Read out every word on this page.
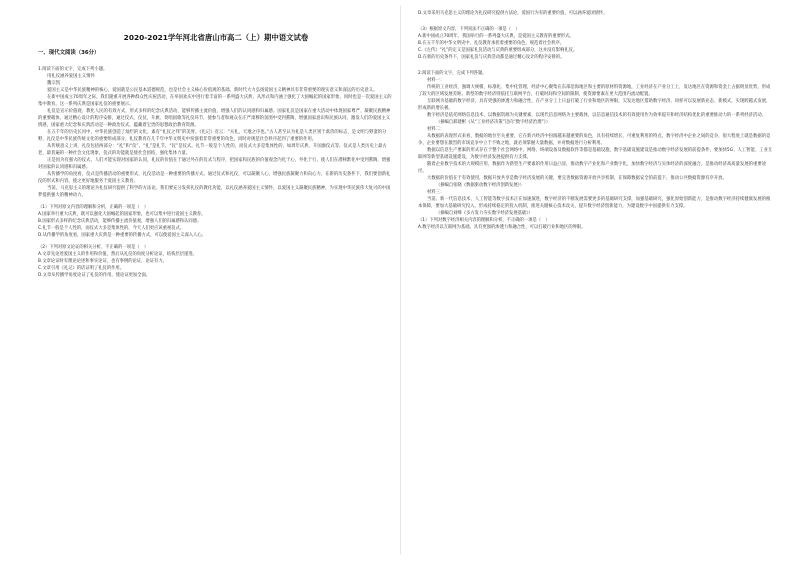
2020-2021学年河北省唐山市高二（上）期中语文试卷
一、现代文阅读（36分）

1.阅读下面的文字，完成下列小题。

用礼仪涵养爱国主义情怀

魏宗凯

爱国主义是中华民族精神的核心，爱国就是公民基本道德规范，也是社会主义核心价值观的基础。新时代大力弘扬爱国主义精神具有非常重要的现实意义和深远的历史意义。

在新中国成立70周年之际，我们隆重开展各种群众性庆祝活动，在举国欢庆中进行着丰富的一系列盛大庆典，从形式和内涵上强化了大国崛起的国家形象，同时也是一次爱国主义的集中教育。这一系列庆典是国家礼仪的重要展示。

礼仪是宣示价值观、教化人民的有效方式，形式多样的纪念庆典活动，能够传播主流价值，增强人们的认同感和归属感。国家礼仪是国家在重大活动中体现国家尊严、凝聚民族精神的重要载体，通过精心设计的程序安排，通过仪式、仪仗、升旗、奏唱国歌等礼仪环节，使参与者和观众在庄严肃穆的氛围中受到熏陶，增强国家意识和民族认同，激发人们的爱国主义情感，国家重大纪念和庆典活动是一种政治仪式，蕴藏着宝贵的思想政治教育资源。

在五千年的历史长河中，中华民族创造了灿烂的文化，素有“礼仪之邦”的美誉。《礼记》有云：“夫礼，天地之序也。”古人甚至认为礼是人类区别于禽兽的标志，是文明与野蛮的分野，礼仪是中华民族传统文化的重要组成部分，礼仪教育在几千年中华文明史中扮演着非常重要的角色，同时对规范社会秩序起到了重要的作用。

从传统意义上讲，礼仪包括两部分：“礼”和“仪”。“礼”是礼节，“仪”是仪式。礼节一般是个人性的，而仪式大多是集体性的，如周年庆典、升国旗仪式等。仪式是人类历史上最古老、最普遍的一种社会文化现象，仪式的功能就是使社会团结，强化集体力量。

正是因为有强大的仪式，人们才能实现对国家的认同，礼仪的价值在于通过外在的仪式与程序，把国家和民族的价值观念内化于心，外化于行，使人们在潜移默化中受到熏陶，增强对国家的认同感和归属感。

从传播学的角度看，仪式是传播活动的重要形式，礼仪活动是一种重要的传播方式。通过仪式和礼仪，可以凝聚人心，增强民族凝聚力和向心力，在新的历史条件下，我们要创新礼仪的形式和内容，使之更好地服务于爱国主义教育。

当前，马克思主义的理论为礼仪研究提供了科学的方法论，我们要充分发挥礼仪的教化功能，以礼仪涵养爱国主义情怀，以爱国主义凝聚民族精神，为实现中华民族伟大复兴的中国梦提供强大的精神动力。

（1）下列对原文内容的理解和分析，正确的一项是（　）

A.国家举行重大庆典，既可以强化大国崛起的国家形象，也可以集中进行爱国主义教育。

B.国家形式多样的纪念庆典活动，能够传播主流价值观，增强人们的归属感和认同感。

C.礼节一般是个人性的，而仪式大多是集体性的，今天人们更应该重视仪式。

D.从传播学的角度看，国家重大庆典是一种重要的传播方式，可以使爱国主义深入人心。

（2）下列对原文论证的相关分析，不正确的一项是（　）

A.文章先论述爱国主义的作用和价值，然后从礼仪的角度分析论证，结构层层递进。

B.文章论证时有理论论述和事实论证，也有事例的论证，论证有力。

C.文章引用《礼记》的话证明了礼仪的作用。

D.文章从传播学角度论证了礼仪的作用，使论证更加全面。

D.文章采用马克思主义的理论为礼仪研究提供方法论，爱国行为有的重要价值，可以涵养爱国情怀。

（3）根据原文内容，下列说法不正确的一项是（　）

A.新中国成立70周年，我国举行的一系列盛大庆典，是爱国主义教育的重要形式。

B.在五千年的中华文明史中，礼仪教育承担着重要的角色，规范着社会秩序。

C.《左传》“礼”的定义是国家礼仪活动与庆典的重要组成部分，这并没有影响礼仪。

D.在新的历史条件下，国家礼仪与庆典活动都是通过精心设计的程序安排的。

2.阅读下面的文字，完成下列各题。

材料一：

传统的工业经济，强调大规模、标准化、集中化管理，经济中心聚集在东部沿海地区和主要的原材料资源地，工业经济在产业分工上，发达地区在资源和资金上占据明显优势，形成了较大的区域发展差距。新型的数字经济则依托互联网平台，打破时间和空间的限制，使资源要素在更大范围内流动配置。

互联网为基础的数字经济，具有更强的渗透力和融合性，在产业分工上日益打破了行业和地区的界限，欠发达地区借助数字经济，同样可以发展新业态、新模式，实现跨越式发展，形成新的增长极。

数字经济是依托网络信息技术，以数据资源为关键要素，以现代信息网络为主要载体，以信息通信技术的有效使用作为效率提升和经济结构优化的重要推动力的一系列经济活动。

（摘编自郝建彬《从“工业经济决策”迈向“数字经济治理”》）

材料二：

从数据的表现形式来看，数据的地位至关重要，它在新兴经济中扮演越来越重要的角色，具有持续增长、可重复利用的特点，数字经济中企业之间的竞争，很大程度上就是数据的竞争，企业要想在激烈的市场竞争中立于不败之地，就必须掌握大量数据，并对数据进行分析利用。

数据以信息生产要素的形式存在于整个社会网络中，网络、终端设备及数据软件等都是基础设施，数字基础设施建设是推动数字经济发展的前提条件，要加快5G、人工智能、工业互联网等新型基础设施建设，为数字经济发展提供有力支撑。

随着企业数字技术的大规模应用，数据作为新型生产要素的作用日益凸显，推动数字产业化和产业数字化，加快数字经济与实体经济的深度融合，是推动经济高质量发展的重要途径。

大数据的价值在于有效使用，数据开放共享是数字经济发展的关键，要完善数据资源开放共享机制，在保障数据安全的前提下，推动公共数据资源有序开放。

（摘编自张晓《数据驱动数字经济创新发展》）

材料三：

当前，新一代信息技术、人工智能等数字技术正在加速演进，数字经济的不断发展需要更多的基础研究支撑，加强基础研究，强化原始创新能力，是推动数字经济持续健康发展的根本保障，要加大基础研究投入，形成持续稳定的投入机制，推进关键核心技术攻关，提升数字经济创新能力，为建设数字中国提供有力支撑。

（摘编自刘峰《多方发力夯实数字经济发展基础》）

（1）下列对数字经济相关内容的理解和分析，不正确的一项是（　）

A.数字经济以互联网为基础，具有更强的渗透力和融合性，可以打破行业和地区的界限。
